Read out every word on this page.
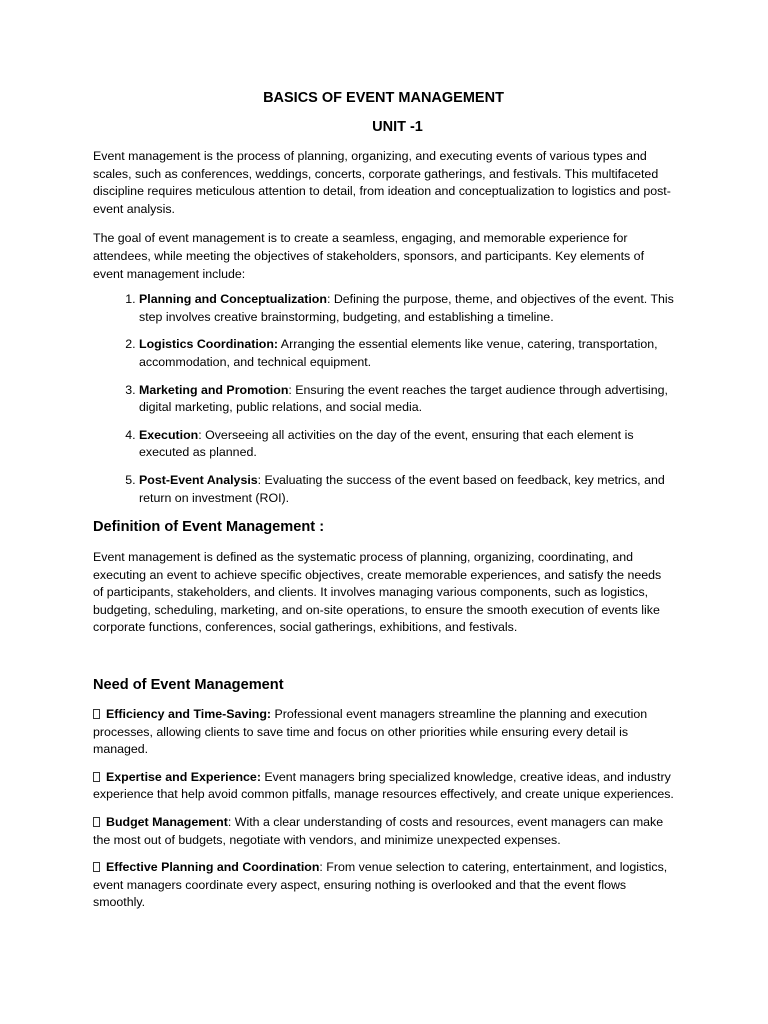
BASICS OF EVENT MANAGEMENT
UNIT -1

Event management is the process of planning, organizing, and executing events of various types and scales, such as conferences, weddings, concerts, corporate gatherings, and festivals. This multifaceted discipline requires meticulous attention to detail, from ideation and conceptualization to logistics and post-event analysis.

The goal of event management is to create a seamless, engaging, and memorable experience for attendees, while meeting the objectives of stakeholders, sponsors, and participants. Key elements of event management include:

1. Planning and Conceptualization: Defining the purpose, theme, and objectives of the event. This step involves creative brainstorming, budgeting, and establishing a timeline.
2. Logistics Coordination: Arranging the essential elements like venue, catering, transportation, accommodation, and technical equipment.
3. Marketing and Promotion: Ensuring the event reaches the target audience through advertising, digital marketing, public relations, and social media.
4. Execution: Overseeing all activities on the day of the event, ensuring that each element is executed as planned.
5. Post-Event Analysis: Evaluating the success of the event based on feedback, key metrics, and return on investment (ROI).
Definition of Event Management :

Event management is defined as the systematic process of planning, organizing, coordinating, and executing an event to achieve specific objectives, create memorable experiences, and satisfy the needs of participants, stakeholders, and clients. It involves managing various components, such as logistics, budgeting, scheduling, marketing, and on-site operations, to ensure the smooth execution of events like corporate functions, conferences, social gatherings, exhibitions, and festivals.

Need of Event Management
Efficiency and Time-Saving: Professional event managers streamline the planning and execution processes, allowing clients to save time and focus on other priorities while ensuring every detail is managed.
Expertise and Experience: Event managers bring specialized knowledge, creative ideas, and industry experience that help avoid common pitfalls, manage resources effectively, and create unique experiences.
Budget Management: With a clear understanding of costs and resources, event managers can make the most out of budgets, negotiate with vendors, and minimize unexpected expenses.
Effective Planning and Coordination: From venue selection to catering, entertainment, and logistics, event managers coordinate every aspect, ensuring nothing is overlooked and that the event flows smoothly.
